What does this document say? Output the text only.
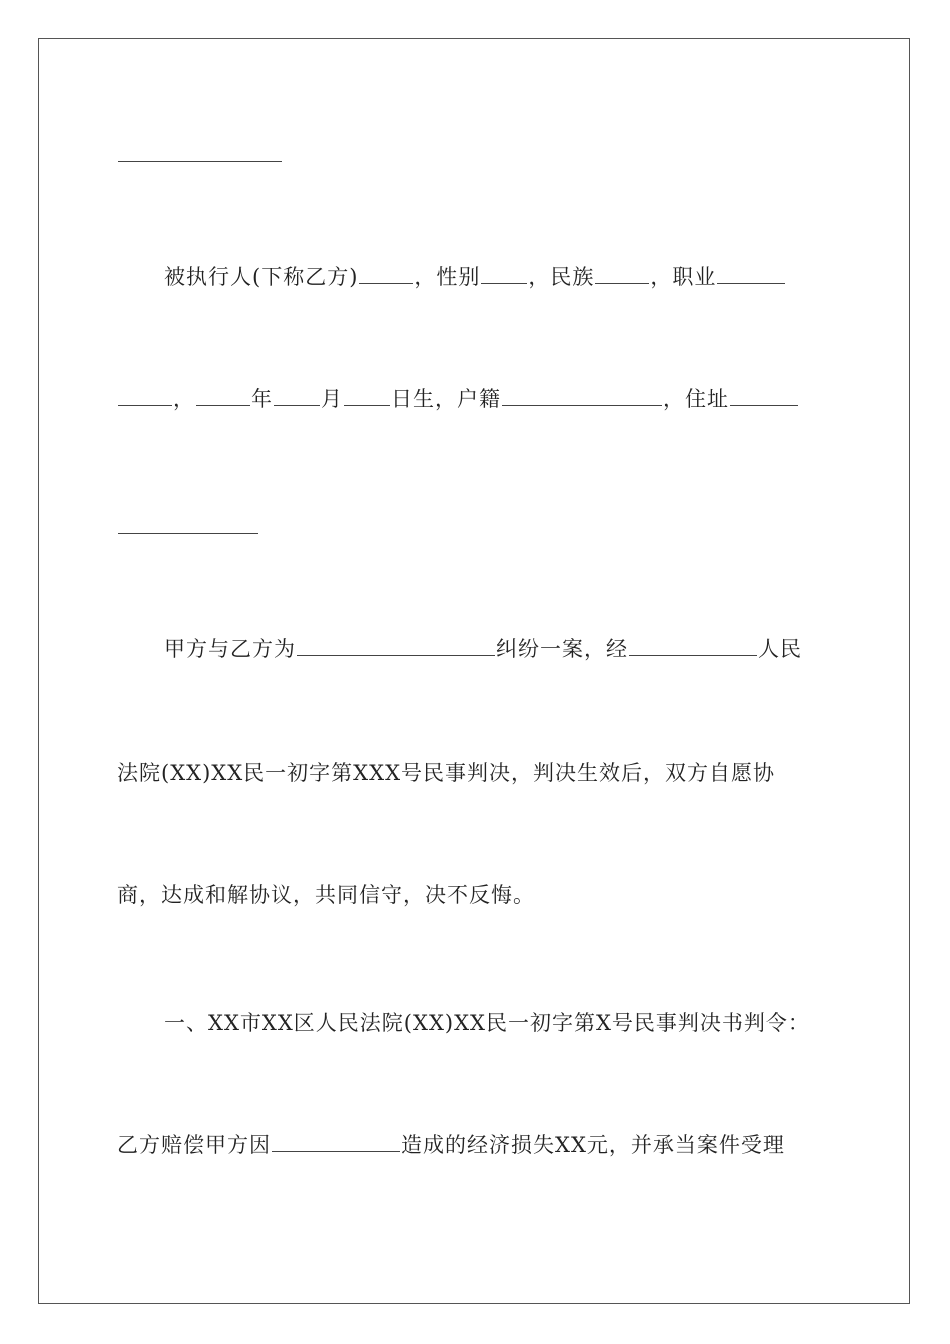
被执行人(下称乙方)	，性别 ，民族	，职业
，	年 月 日生，户籍	，住址
甲方与乙方为	纠纷一案，经	人民
法院(XX)XX民一初字第XXX号民事判决，判决生效后，双方自愿协
商，达成和解协议，共同信守，决不反悔。
一、XX市XX区人民法院(XX)XX民一初字第X号民事判决书判令：
乙方赔偿甲方因	造成的经济损失XX元，并承当案件受理
